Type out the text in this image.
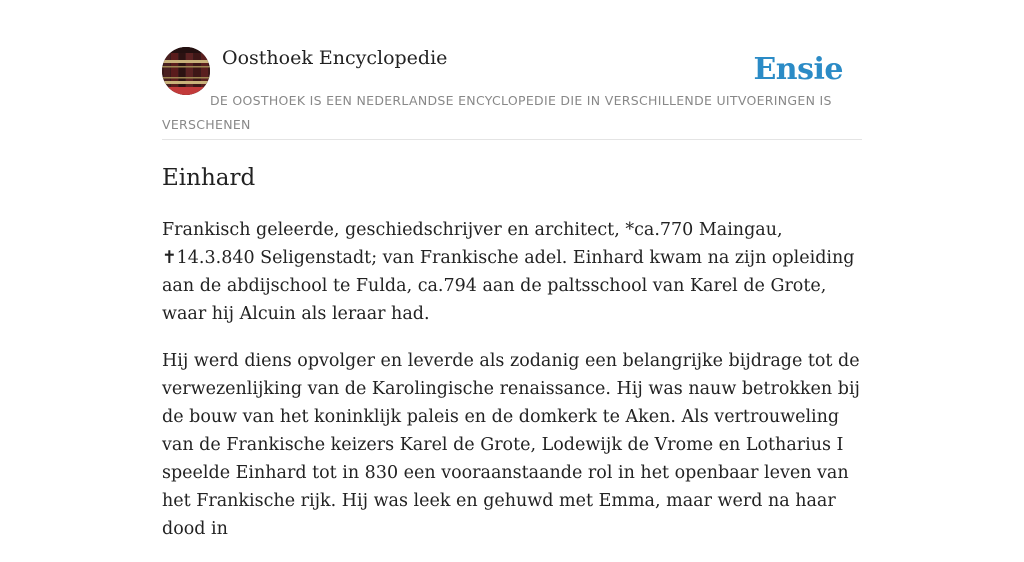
Oosthoek Encyclopedie	Ensie
DE OOSTHOEK IS EEN NEDERLANDSE ENCYCLOPEDIE DIE IN VERSCHILLENDE UITVOERINGEN IS VERSCHENEN
Einhard

Frankisch geleerde, geschiedschrijver en architect, *ca.770 Maingau, ✝14.3.840 Seligenstadt; van Frankische adel. Einhard kwam na zijn opleiding aan de abdijschool te Fulda, ca.794 aan de paltsschool van Karel de Grote, waar hij Alcuin als leraar had.

Hij werd diens opvolger en leverde als zodanig een belangrijke bijdrage tot de verwezenlijking van de Karolingische renaissance. Hij was nauw betrokken bij de bouw van het koninklijk paleis en de domkerk te Aken. Als vertrouweling van de Frankische keizers Karel de Grote, Lodewijk de Vrome en Lotharius I speelde Einhard tot in 830 een vooraanstaande rol in het openbaar leven van het Frankische rijk. Hij was leek en gehuwd met Emma, maar werd na haar dood in
